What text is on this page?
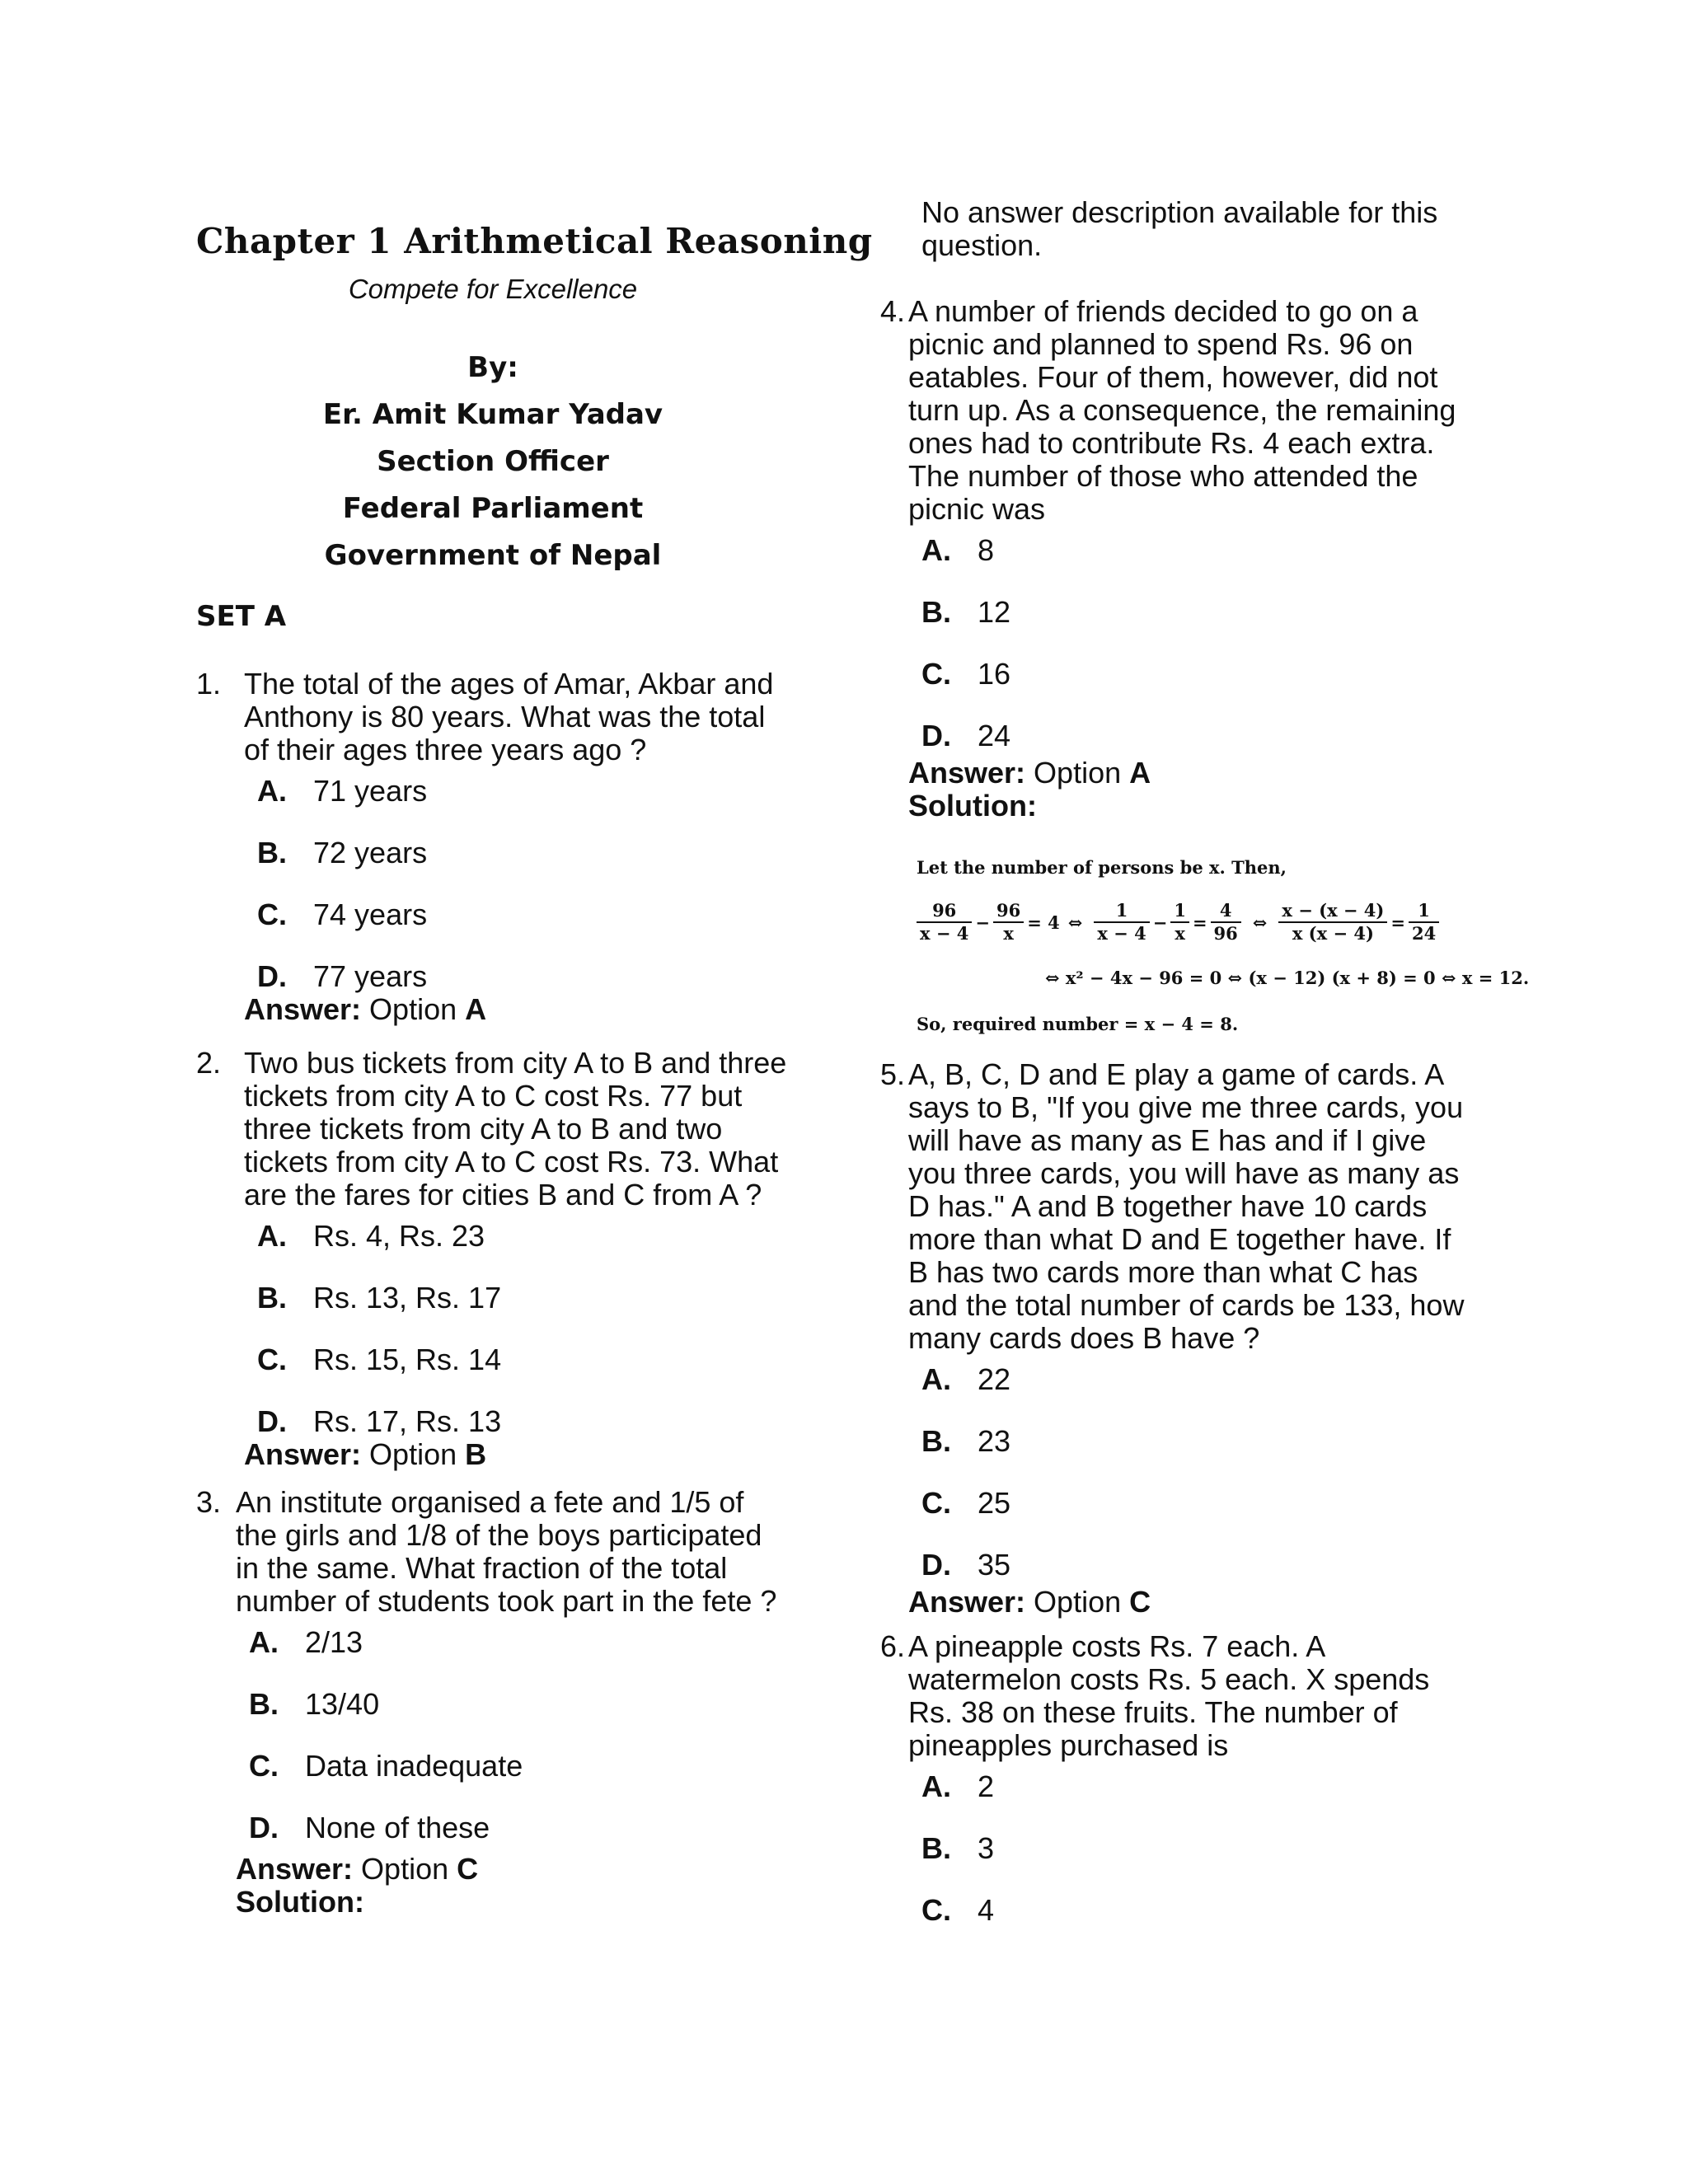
Chapter 1 Arithmetical Reasoning
Compete for Excellence
By:
Er. Amit Kumar Yadav
Section Officer
Federal Parliament
Government of Nepal
SET A
1. The total of the ages of Amar, Akbar and Anthony is 80 years. What was the total of their ages three years ago ?

A. 71 years
B. 72 years
C. 74 years
D. 77 years
Answer: Option A
2. Two bus tickets from city A to B and three tickets from city A to C cost Rs. 77 but three tickets from city A to B and two tickets from city A to C cost Rs. 73. What are the fares for cities B and C from A ?

A. Rs. 4, Rs. 23
B. Rs. 13, Rs. 17
C. Rs. 15, Rs. 14
D. Rs. 17, Rs. 13
Answer: Option B
3. An institute organised a fete and 1/5 of the girls and 1/8 of the boys participated in the same. What fraction of the total number of students took part in the fete ?

A. 2/13
B. 13/40
C. Data inadequate
D. None of these
Answer: Option C
Solution:
No answer description available for this question.
4. A number of friends decided to go on a picnic and planned to spend Rs. 96 on eatables. Four of them, however, did not turn up. As a consequence, the remaining ones had to contribute Rs. 4 each extra. The number of those who attended the picnic was

A. 8
B. 12
C. 16
D. 24
Answer: Option A
Solution:
Let the number of persons be x. Then,
$\frac{96}{x - 4} - \frac{96}{x} = 4$ ⇔ $\frac{1}{x - 4} - \frac{1}{x} = \frac{4}{96}$ ⇔ $\frac{x - (x - 4)}{x (x - 4)} = \frac{1}{24}$
⇔ x² − 4x − 96 = 0 ⇔ (x − 12) (x + 8) = 0 ⇔ x = 12.
So, required number = x − 4 = 8.
5. A, B, C, D and E play a game of cards. A says to B, "If you give me three cards, you will have as many as E has and if I give you three cards, you will have as many as D has." A and B together have 10 cards more than what D and E together have. If B has two cards more than what C has and the total number of cards be 133, how many cards does B have ?

A. 22
B. 23
C. 25
D. 35
Answer: Option C
6. A pineapple costs Rs. 7 each. A watermelon costs Rs. 5 each. X spends Rs. 38 on these fruits. The number of pineapples purchased is

A. 2
B. 3
C. 4
